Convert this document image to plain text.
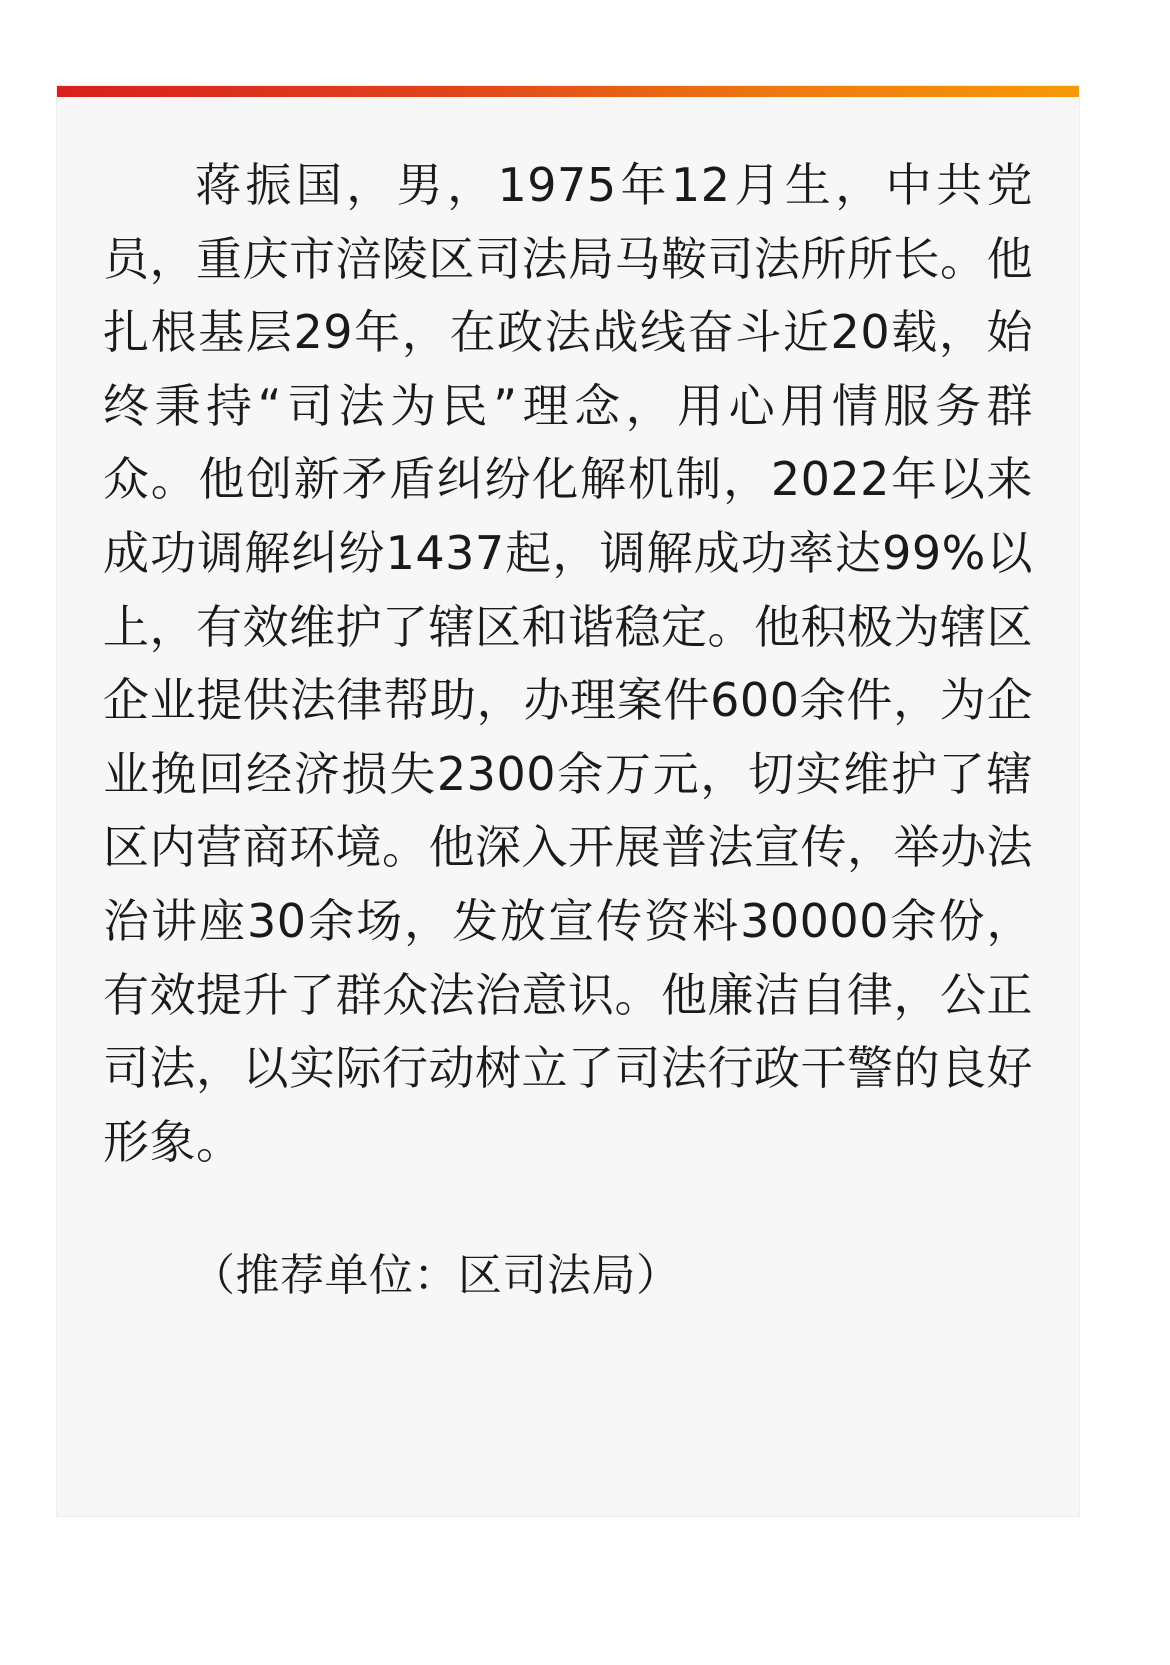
蒋振国，男，1975年12月生，中共党员，重庆市涪陵区司法局马鞍司法所所长。他扎根基层29年，在政法战线奋斗近20载，始终秉持“司法为民”理念，用心用情服务群众。他创新矛盾纠纷化解机制，2022年以来成功调解纠纷1437起，调解成功率达99%以上，有效维护了辖区和谐稳定。他积极为辖区企业提供法律帮助，办理案件600余件，为企业挽回经济损失2300余万元，切实维护了辖区内营商环境。他深入开展普法宣传，举办法治讲座30余场，发放宣传资料30000余份，有效提升了群众法治意识。他廉洁自律，公正司法，以实际行动树立了司法行政干警的良好形象。

（推荐单位：区司法局）
